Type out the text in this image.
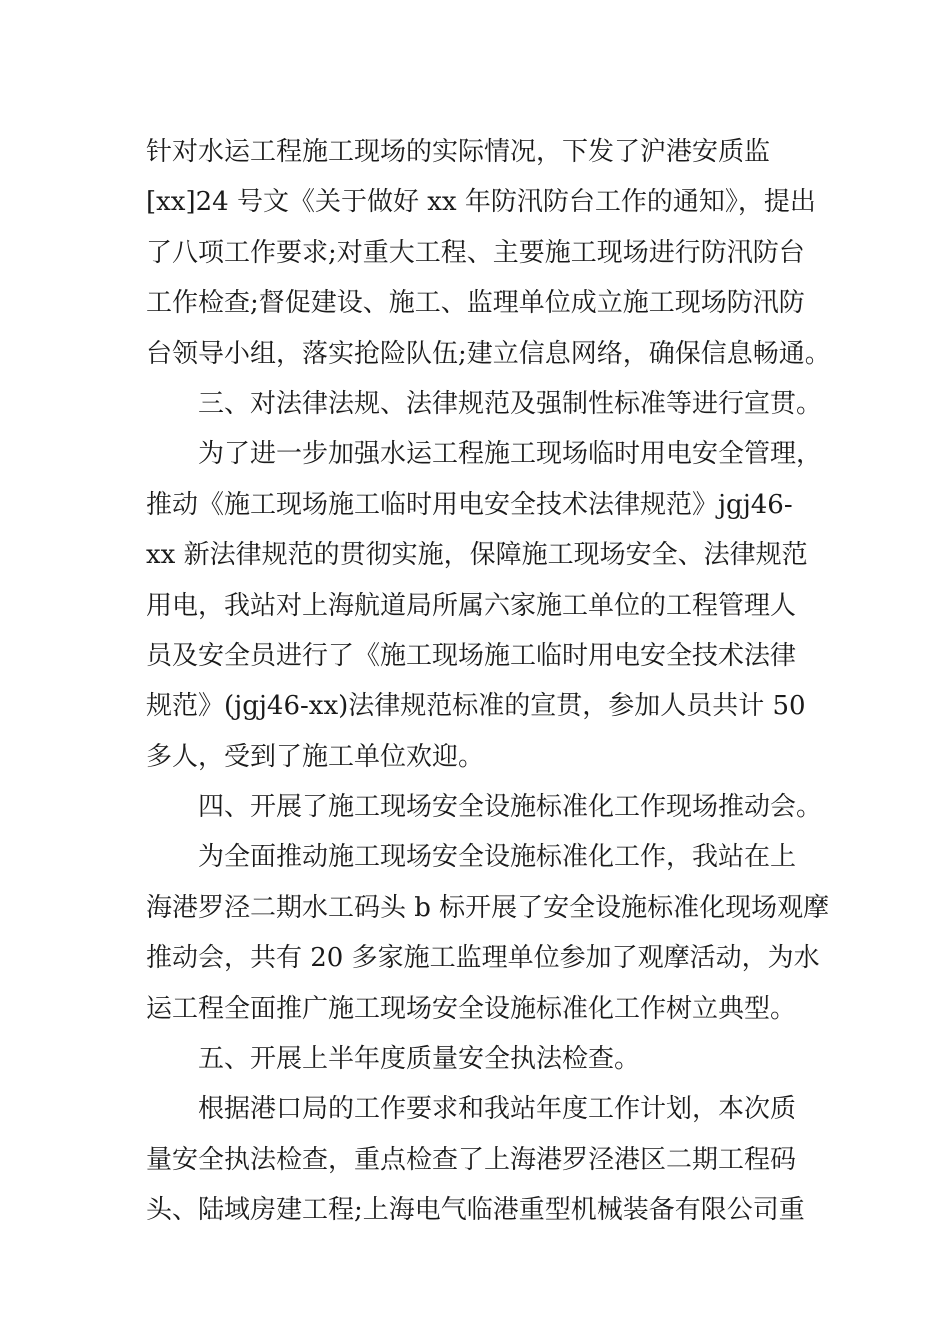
针对水运工程施工现场的实际情况，下发了沪港安质监
[xx]24 号文《关于做好 xx 年防汛防台工作的通知》，提出
了八项工作要求;对重大工程、主要施工现场进行防汛防台
工作检查;督促建设、施工、监理单位成立施工现场防汛防
台领导小组，落实抢险队伍;建立信息网络，确保信息畅通。
三、对法律法规、法律规范及强制性标准等进行宣贯。
为了进一步加强水运工程施工现场临时用电安全管理，
推动《施工现场施工临时用电安全技术法律规范》jgj46-
xx 新法律规范的贯彻实施，保障施工现场安全、法律规范
用电，我站对上海航道局所属六家施工单位的工程管理人
员及安全员进行了《施工现场施工临时用电安全技术法律
规范》(jgj46-xx)法律规范标准的宣贯，参加人员共计 50
多人，受到了施工单位欢迎。
四、开展了施工现场安全设施标准化工作现场推动会。
为全面推动施工现场安全设施标准化工作，我站在上
海港罗泾二期水工码头 b 标开展了安全设施标准化现场观摩
推动会，共有 20 多家施工监理单位参加了观摩活动，为水
运工程全面推广施工现场安全设施标准化工作树立典型。
五、开展上半年度质量安全执法检查。
根据港口局的工作要求和我站年度工作计划，本次质
量安全执法检查，重点检查了上海港罗泾港区二期工程码
头、陆域房建工程;上海电气临港重型机械装备有限公司重
